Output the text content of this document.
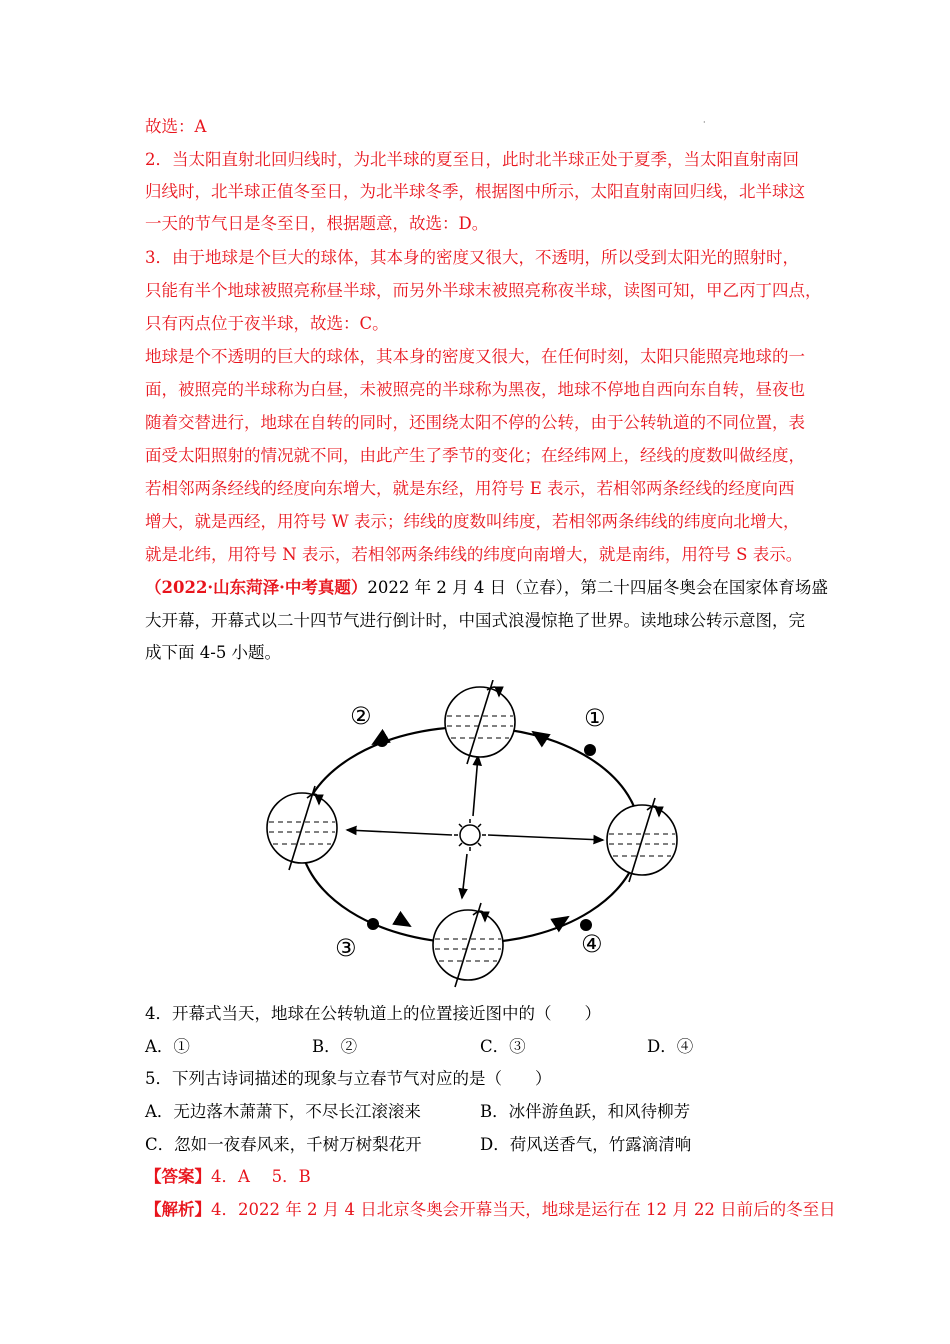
·
故选：A
2．当太阳直射北回归线时，为北半球的夏至日，此时北半球正处于夏季，当太阳直射南回
归线时，北半球正值冬至日，为北半球冬季，根据图中所示，太阳直射南回归线，北半球这
一天的节气日是冬至日，根据题意，故选：D。
3．由于地球是个巨大的球体，其本身的密度又很大，不透明，所以受到太阳光的照射时，
只能有半个地球被照亮称昼半球，而另外半球末被照亮称夜半球，读图可知，甲乙丙丁四点，
只有丙点位于夜半球，故选：C。
地球是个不透明的巨大的球体，其本身的密度又很大，在任何时刻，太阳只能照亮地球的一
面，被照亮的半球称为白昼，未被照亮的半球称为黑夜，地球不停地自西向东自转，昼夜也
随着交替进行，地球在自转的同时，还围绕太阳不停的公转，由于公转轨道的不同位置，表
面受太阳照射的情况就不同，由此产生了季节的变化；在经纬网上，经线的度数叫做经度，
若相邻两条经线的经度向东增大，就是东经，用符号 E 表示，若相邻两条经线的经度向西
增大，就是西经，用符号 W 表示；纬线的度数叫纬度，若相邻两条纬线的纬度向北增大，
就是北纬，用符号 N 表示，若相邻两条纬线的纬度向南增大，就是南纬，用符号 S 表示。
（2022·山东菏泽·中考真题）2022 年 2 月 4 日（立春），第二十四届冬奥会在国家体育场盛
大开幕，开幕式以二十四节气进行倒计时，中国式浪漫惊艳了世界。读地球公转示意图，完
成下面 4-5 小题。
②	①
③	④
4．开幕式当天，地球在公转轨道上的位置接近图中的（　　）
A．①	B．②	C．③	D．④
5．下列古诗词描述的现象与立春节气对应的是（　　）
A．无边落木萧萧下，不尽长江滚滚来	B．冰伴游鱼跃，和风待柳芳
C．忽如一夜春风来，千树万树梨花开	D．荷风送香气，竹露滴清响
【答案】4．A　 5．B
【解析】4．2022 年 2 月 4 日北京冬奥会开幕当天，地球是运行在 12 月 22 日前后的冬至日
